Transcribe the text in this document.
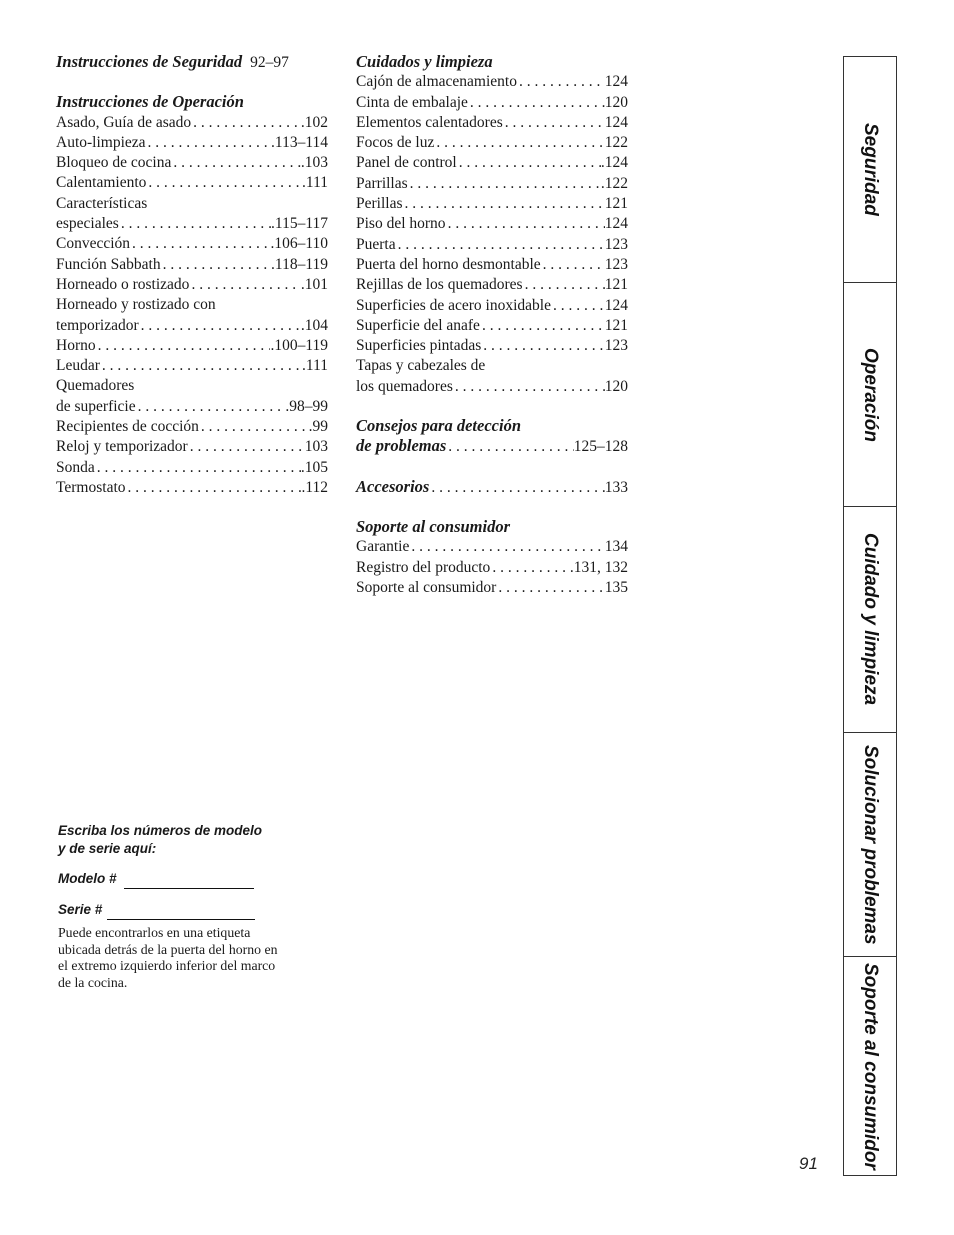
Instrucciones de Seguridad 92–97
Instrucciones de Operación
Asado, Guía de asado . . .	.102
Auto-limpieza . . .	.113–114
Bloqueo de cocina . . .	.103
Calentamiento . . .	.111
Características
especiales . . .	.115–117
Convección . . .	.106–110
Función Sabbath . . .	.118–119
Horneado o rostizado . . .	.101
Horneado y rostizado con
temporizador . . .	.104
Horno . . .	.100–119
Leudar . . .	.111
Quemadores
de superficie . . .	.98–99
Recipientes de cocción . . .	.99
Reloj y temporizador . . .	103
Sonda . . .	.105
Termostato . . .	.112
Cuidados y limpieza
Cajón de almacenamiento . . .	124
Cinta de embalaje . . .	120
Elementos calentadores . . .	124
Focos de luz . . .	122
Panel de control . . .	.124
Parrillas . . .	.122
Perillas . . .	121
Piso del horno . . .	124
Puerta . . .	123
Puerta del horno desmontable . . .	123
Rejillas de los quemadores . . .	121
Superficies de acero inoxidable . . .	124
Superficie del anafe . . .	121
Superficies pintadas . . .	123
Tapas y cabezales de
los quemadores . . .	120
Consejos para detección
de problemas . . .	125–128
Accesorios . . .	133
Soporte al consumidor
Garantie . . .	134
Registro del producto . . .	.131, 132
Soporte al consumidor . . .	135
Escriba los números de modelo
y de serie aquí:
Modelo #
Serie #
Puede encontrarlos en una etiqueta ubicada detrás de la puerta del horno en el extremo izquierdo inferior del marco de la cocina.
91
Seguridad
Operación
Cuidado y limpieza
Solucionar problemas
Soporte al consumidor
